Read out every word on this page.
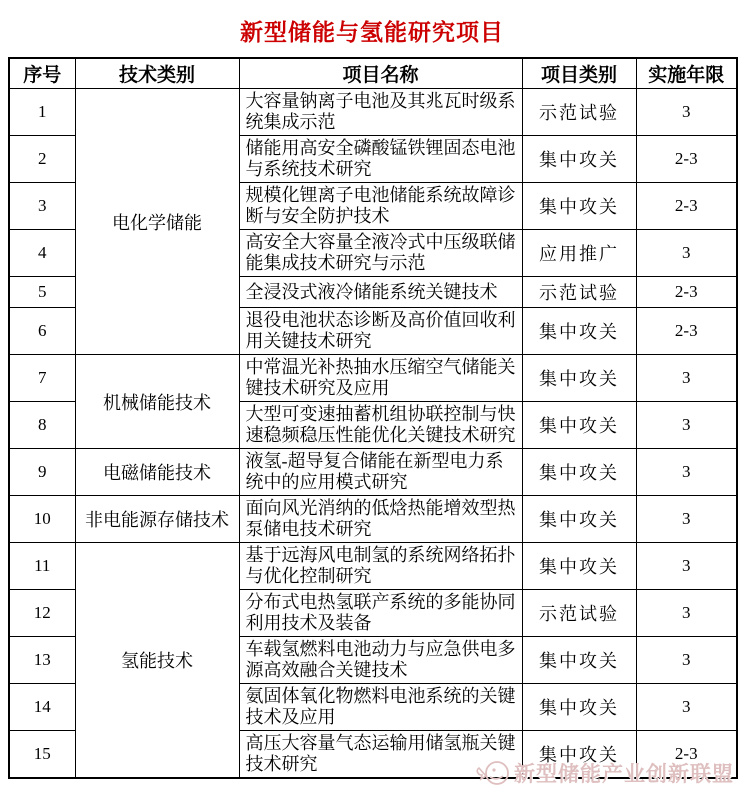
新型储能与氢能研究项目
序号	技术类别	项目名称	项目类别	实施年限
1	电化学储能	大容量钠离子电池及其兆瓦时级系统集成示范	示范试验	3
2		储能用高安全磷酸锰铁锂固态电池与系统技术研究	集中攻关	2-3
3		规模化锂离子电池储能系统故障诊断与安全防护技术	集中攻关	2-3
4		高安全大容量全液冷式中压级联储能集成技术研究与示范	应用推广	3
5		全浸没式液冷储能系统关键技术	示范试验	2-3
6		退役电池状态诊断及高价值回收利用关键技术研究	集中攻关	2-3
7	机械储能技术	中常温光补热抽水压缩空气储能关键技术研究及应用	集中攻关	3
8		大型可变速抽蓄机组协联控制与快速稳频稳压性能优化关键技术研究	集中攻关	3
9	电磁储能技术	液氢-超导复合储能在新型电力系统中的应用模式研究	集中攻关	3
10	非电能源存储技术	面向风光消纳的低焓热能增效型热泵储电技术研究	集中攻关	3
11	氢能技术	基于远海风电制氢的系统网络拓扑与优化控制研究	集中攻关	3
12		分布式电热氢联产系统的多能协同利用技术及装备	示范试验	3
13		车载氢燃料电池动力与应急供电多源高效融合关键技术	集中攻关	3
14		氨固体氧化物燃料电池系统的关键技术及应用	集中攻关	3
15		高压大容量气态运输用储氢瓶关键技术研究	集中攻关	2-3
新型储能产业创新联盟
